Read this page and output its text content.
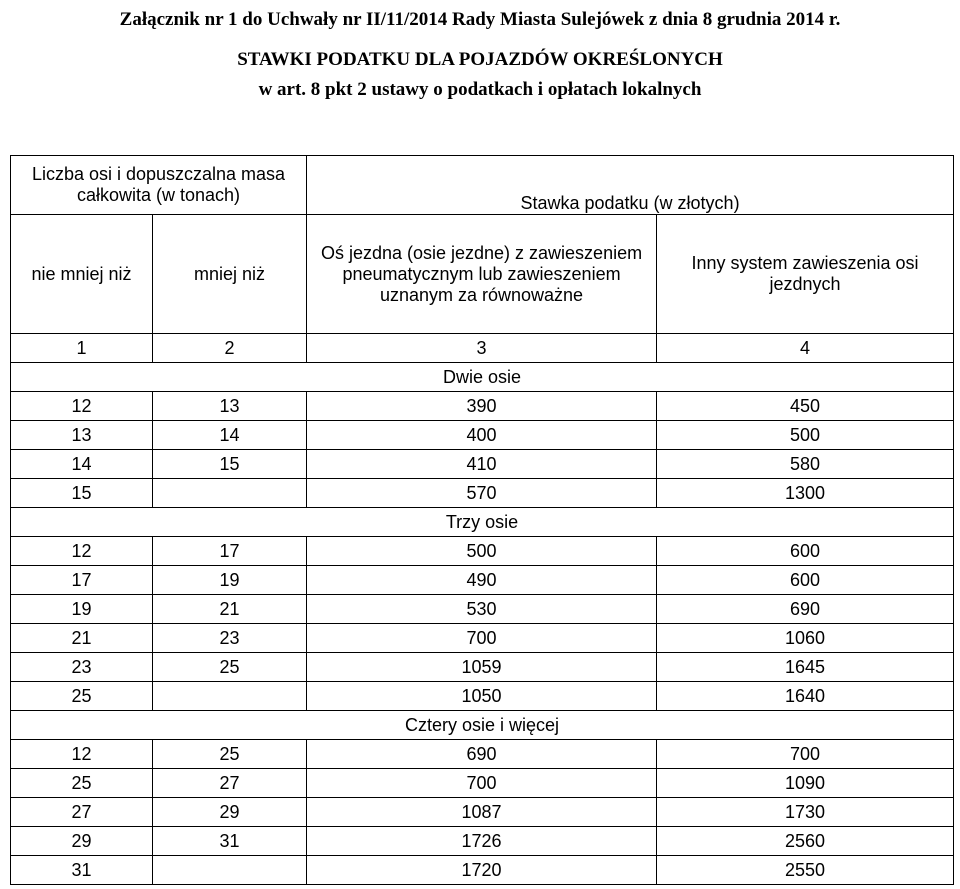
Załącznik nr 1 do Uchwały nr II/11/2014 Rady Miasta Sulejówek z dnia 8 grudnia 2014 r.
STAWKI PODATKU DLA POJAZDÓW OKREŚLONYCH
w art. 8 pkt 2 ustawy o podatkach i opłatach lokalnych
Liczba osi i dopuszczalna masa całkowita (w tonach)		Stawka podatku (w złotych)	
nie mniej niż	mniej niż	Oś jezdna (osie jezdne) z zawieszeniem pneumatycznym lub zawieszeniem uznanym za równoważne	Inny system zawieszenia osi jezdnych
1	2	3	4
Dwie osie			
12	13	390	450
13	14	400	500
14	15	410	580
15		570	1300
Trzy osie			
12	17	500	600
17	19	490	600
19	21	530	690
21	23	700	1060
23	25	1059	1645
25		1050	1640
Cztery osie i więcej			
12	25	690	700
25	27	700	1090
27	29	1087	1730
29	31	1726	2560
31		1720	2550
